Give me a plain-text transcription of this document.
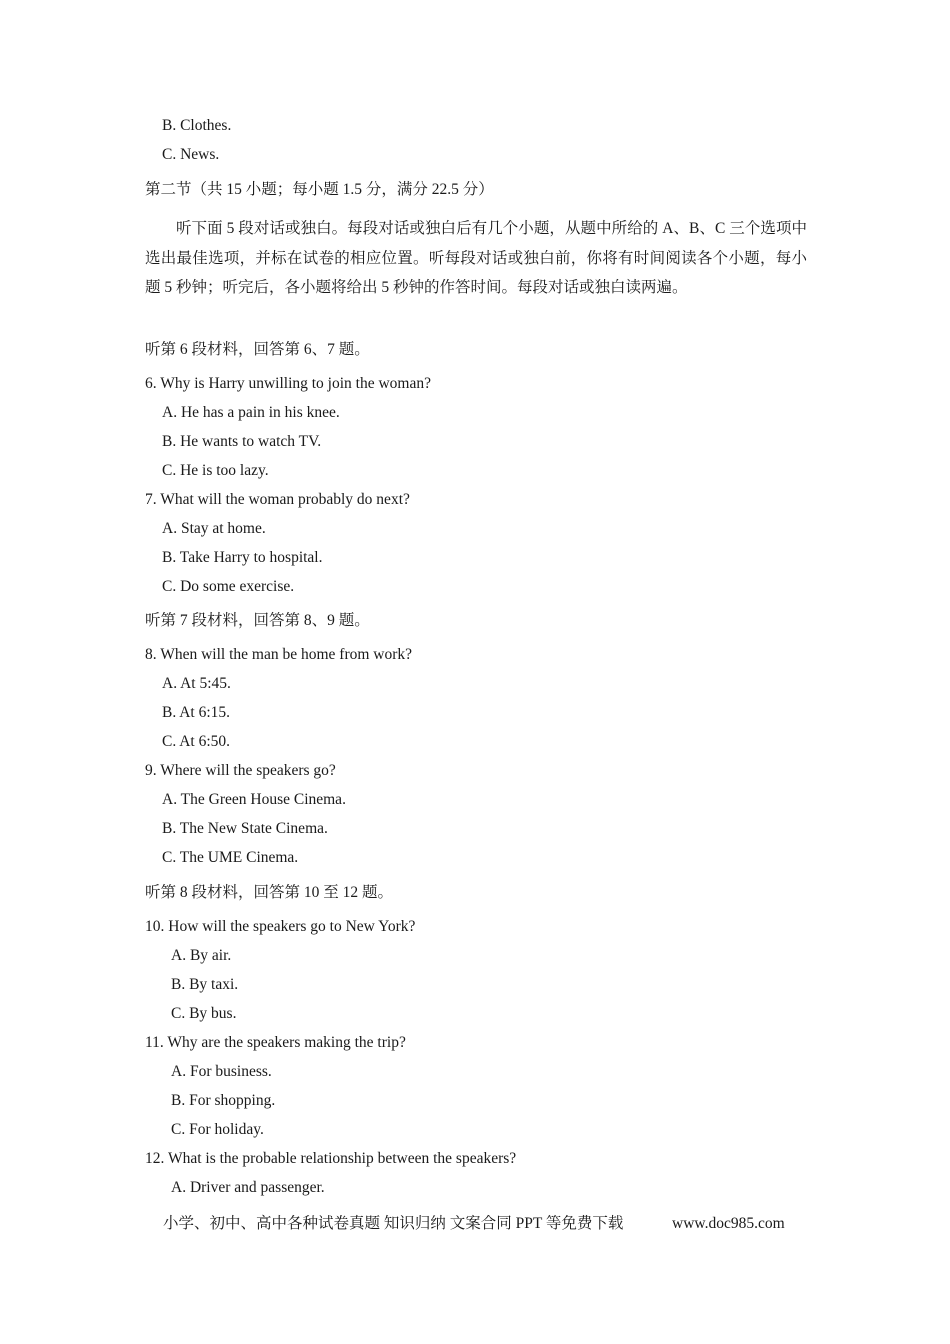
B. Clothes.
C. News.
第二节（共 15 小题；每小题 1.5 分，满分 22.5 分）
听下面 5 段对话或独白。每段对话或独白后有几个小题，从题中所给的 A、B、C 三个选项中选出最佳选项，并标在试卷的相应位置。听每段对话或独白前，你将有时间阅读各个小题，每小题 5 秒钟；听完后，各小题将给出 5 秒钟的作答时间。每段对话或独白读两遍。
听第 6 段材料，回答第 6、7 题。
6. Why is Harry unwilling to join the woman?
A. He has a pain in his knee.
B. He wants to watch TV.
C. He is too lazy.
7. What will the woman probably do next?
A. Stay at home.
B. Take Harry to hospital.
C. Do some exercise.
听第 7 段材料，回答第 8、9 题。
8. When will the man be home from work?
A. At 5:45.
B. At 6:15.
C. At 6:50.
9. Where will the speakers go?
A. The Green House Cinema.
B. The New State Cinema.
C. The UME Cinema.
听第 8 段材料，回答第 10 至 12 题。
10. How will the speakers go to New York?
A. By air.
B. By taxi.
C. By bus.
11. Why are the speakers making the trip?
A. For business.
B. For shopping.
C. For holiday.
12. What is the probable relationship between the speakers?
A. Driver and passenger.
小学、初中、高中各种试卷真题 知识归纳 文案合同 PPT 等免费下载	www.doc985.com
